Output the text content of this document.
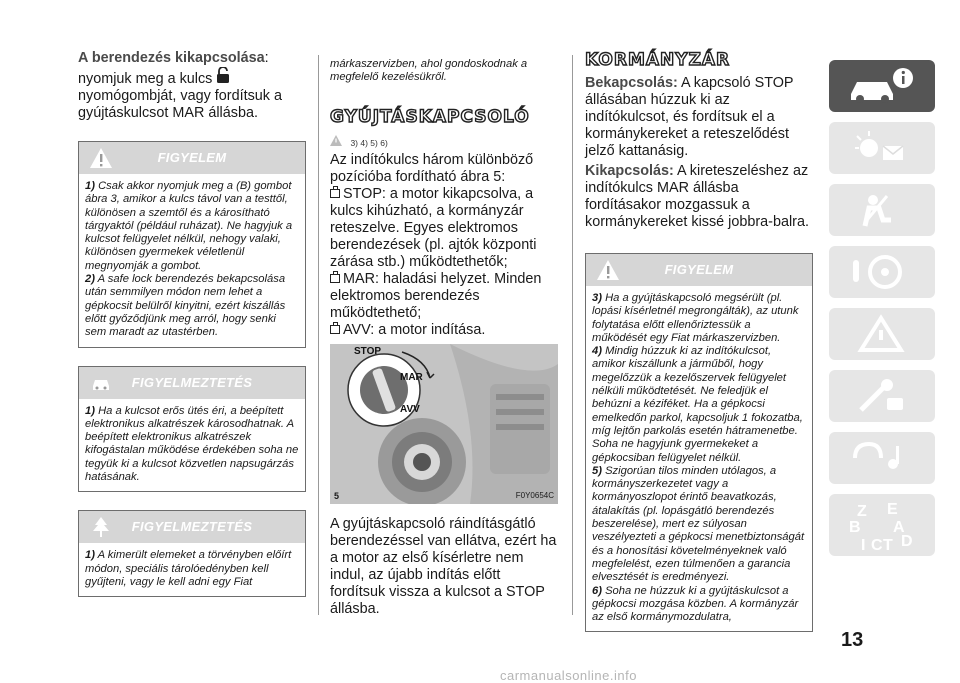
A berendezés kikapcsolása:
nyomjuk meg a kulcs
nyomógombját, vagy fordítsuk a gyújtáskulcsot MAR állásba.
FIGYELEM
1) Csak akkor nyomjuk meg a (B) gombot ábra 3, amikor a kulcs távol van a testtől, különösen a szemtől és a károsítható tárgyaktól (például ruházat). Ne hagyjuk a kulcsot felügyelet nélkül, nehogy valaki, különösen gyermekek véletlenül megnyomják a gombot.
2) A safe lock berendezés bekapcsolása után semmilyen módon nem lehet a gépkocsit belülről kinyitni, ezért kiszállás előtt győződjünk meg arról, hogy senki sem maradt az utastérben.
FIGYELMEZTETÉS
1) Ha a kulcsot erős ütés éri, a beépített elektronikus alkatrészek károsodhatnak. A beépített elektronikus alkatrészek kifogástalan működése érdekében soha ne tegyük ki a kulcsot közvetlen napsugárzás hatásának.
FIGYELMEZTETÉS
1) A kimerült elemeket a törvényben előírt módon, speciális tárolóedényben kell gyűjteni, vagy le kell adni egy Fiat
márkaszervizben, ahol gondoskodnak a megfelelő kezelésükről.
GYÚJTÁSKAPCSOLÓ
3) 4) 5) 6)
Az indítókulcs három különböző pozícióba fordítható ábra 5:
STOP: a motor kikapcsolva, a kulcs kihúzható, a kormányzár reteszelve. Egyes elektromos berendezések (pl. ajtók központi zárása stb.) működtethetők;
MAR: haladási helyzet. Minden elektromos berendezés működtethető;
AVV: a motor indítása.
STOP
MAR
AVV
5	F0Y0654C
A gyújtáskapcsoló ráindításgátló berendezéssel van ellátva, ezért ha a motor az első kísérletre nem indul, az újabb indítás előtt fordítsuk vissza a kulcsot a STOP állásba.
KORMÁNYZÁR
Bekapcsolás: A kapcsoló STOP állásában húzzuk ki az indítókulcsot, és fordítsuk el a kormánykereket a reteszelődést jelző kattanásig.
Kikapcsolás: A kireteszeléshez az indítókulcs MAR állásba fordításakor mozgassuk a kormánykereket kissé jobbra-balra.
FIGYELEM
3) Ha a gyújtáskapcsoló megsérült (pl. lopási kísérletnél megrongálták), az utunk folytatása előtt ellenőriztessük a működését egy Fiat márkaszervizben.
4) Mindig húzzuk ki az indítókulcsot, amikor kiszállunk a járműből, hogy megelőzzük a kezelőszervek felügyelet nélküli működtetését. Ne feledjük el behúzni a kéziféket. Ha a gépkocsi emelkedőn parkol, kapcsoljuk 1 fokozatba, míg lejtőn parkolás esetén hátramenetbe. Soha ne hagyjunk gyermekeket a gépkocsiban felügyelet nélkül.
5) Szigorúan tilos minden utólagos, a kormányszerkezetet vagy a kormányoszlopot érintő beavatkozás, átalakítás (pl. lopásgátló berendezés beszerelése), mert ez súlyosan veszélyezteti a gépkocsi menetbiztonságát és a honosítási követelményeknek való megfelelést, ezen túlmenően a garancia elvesztését is eredményezi.
6) Soha ne húzzuk ki a gyújtáskulcsot a gépkocsi mozgása közben. A kormányzár az első kormánymozdulatra,
Z E
B A
I C T D
13
carmanualsonline.info
